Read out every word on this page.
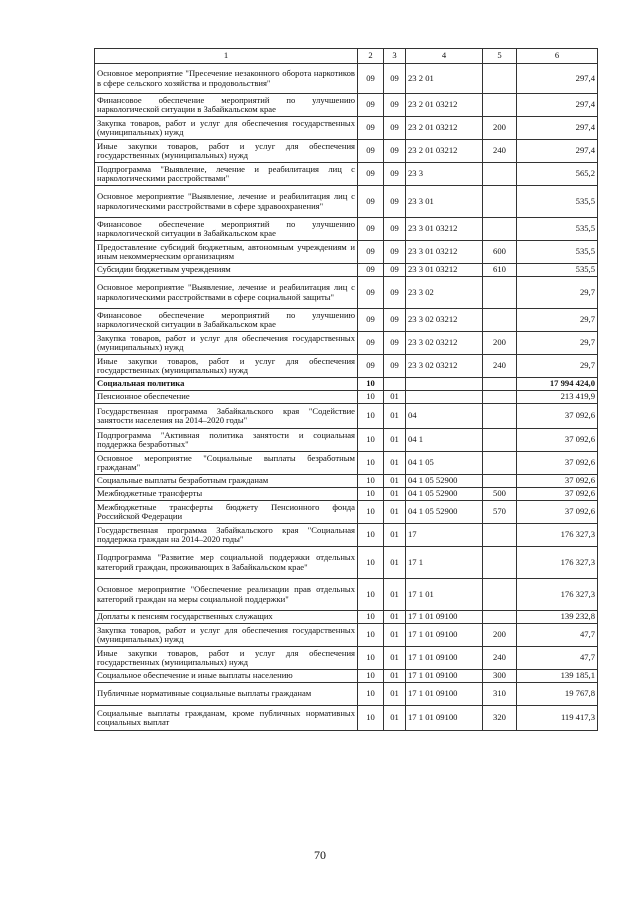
1	2	3	4	5	6
Основное мероприятие "Пресечение незаконного оборота наркотиков в сфере сельского хозяйства и продовольствия"	09	09	23 2 01		297,4
Финансовое обеспечение мероприятий по улучшению наркологической ситуации в Забайкальском крае	09	09	23 2 01 03212		297,4
Закупка товаров, работ и услуг для обеспечения государственных (муниципальных) нужд	09	09	23 2 01 03212	200	297,4
Иные закупки товаров, работ и услуг для обеспечения государственных (муниципальных) нужд	09	09	23 2 01 03212	240	297,4
Подпрограмма "Выявление, лечение и реабилитация лиц с наркологическими расстройствами"	09	09	23 3		565,2
Основное мероприятие "Выявление, лечение и реабилитация лиц с наркологическими расстройствами в сфере здравоохранения"	09	09	23 3 01		535,5
Финансовое обеспечение мероприятий по улучшению наркологической ситуации в Забайкальском крае	09	09	23 3 01 03212		535,5
Предоставление субсидий бюджетным, автономным учреждениям и иным некоммерческим организациям	09	09	23 3 01 03212	600	535,5
Субсидии бюджетным учреждениям	09	09	23 3 01 03212	610	535,5
Основное мероприятие "Выявление, лечение и реабилитация лиц с наркологическими расстройствами в сфере социальной защиты"	09	09	23 3 02		29,7
Финансовое обеспечение мероприятий по улучшению наркологической ситуации в Забайкальском крае	09	09	23 3 02 03212		29,7
Закупка товаров, работ и услуг для обеспечения государственных (муниципальных) нужд	09	09	23 3 02 03212	200	29,7
Иные закупки товаров, работ и услуг для обеспечения государственных (муниципальных) нужд	09	09	23 3 02 03212	240	29,7
Социальная политика	10				17 994 424,0
Пенсионное обеспечение	10	01			213 419,9
Государственная программа Забайкальского края "Содействие занятости населения на 2014–2020 годы"	10	01	04		37 092,6
Подпрограмма "Активная политика занятости и социальная поддержка безработных"	10	01	04 1		37 092,6
Основное мероприятие "Социальные выплаты безработным гражданам"	10	01	04 1 05		37 092,6
Социальные выплаты безработным гражданам	10	01	04 1 05 52900		37 092,6
Межбюджетные трансферты	10	01	04 1 05 52900	500	37 092,6
Межбюджетные трансферты бюджету Пенсионного фонда Российской Федерации	10	01	04 1 05 52900	570	37 092,6
Государственная программа Забайкальского края "Социальная поддержка граждан на 2014–2020 годы"	10	01	17		176 327,3
Подпрограмма "Развитие мер социальной поддержки отдельных категорий граждан, проживающих в Забайкальском крае"	10	01	17 1		176 327,3
Основное мероприятие "Обеспечение реализации прав отдельных категорий граждан на меры социальной поддержки"	10	01	17 1 01		176 327,3
Доплаты к пенсиям государственных служащих	10	01	17 1 01 09100		139 232,8
Закупка товаров, работ и услуг для обеспечения государственных (муниципальных) нужд	10	01	17 1 01 09100	200	47,7
Иные закупки товаров, работ и услуг для обеспечения государственных (муниципальных) нужд	10	01	17 1 01 09100	240	47,7
Социальное обеспечение и иные выплаты населению	10	01	17 1 01 09100	300	139 185,1
Публичные нормативные социальные выплаты гражданам	10	01	17 1 01 09100	310	19 767,8
Социальные выплаты гражданам, кроме публичных нормативных социальных выплат	10	01	17 1 01 09100	320	119 417,3
70
